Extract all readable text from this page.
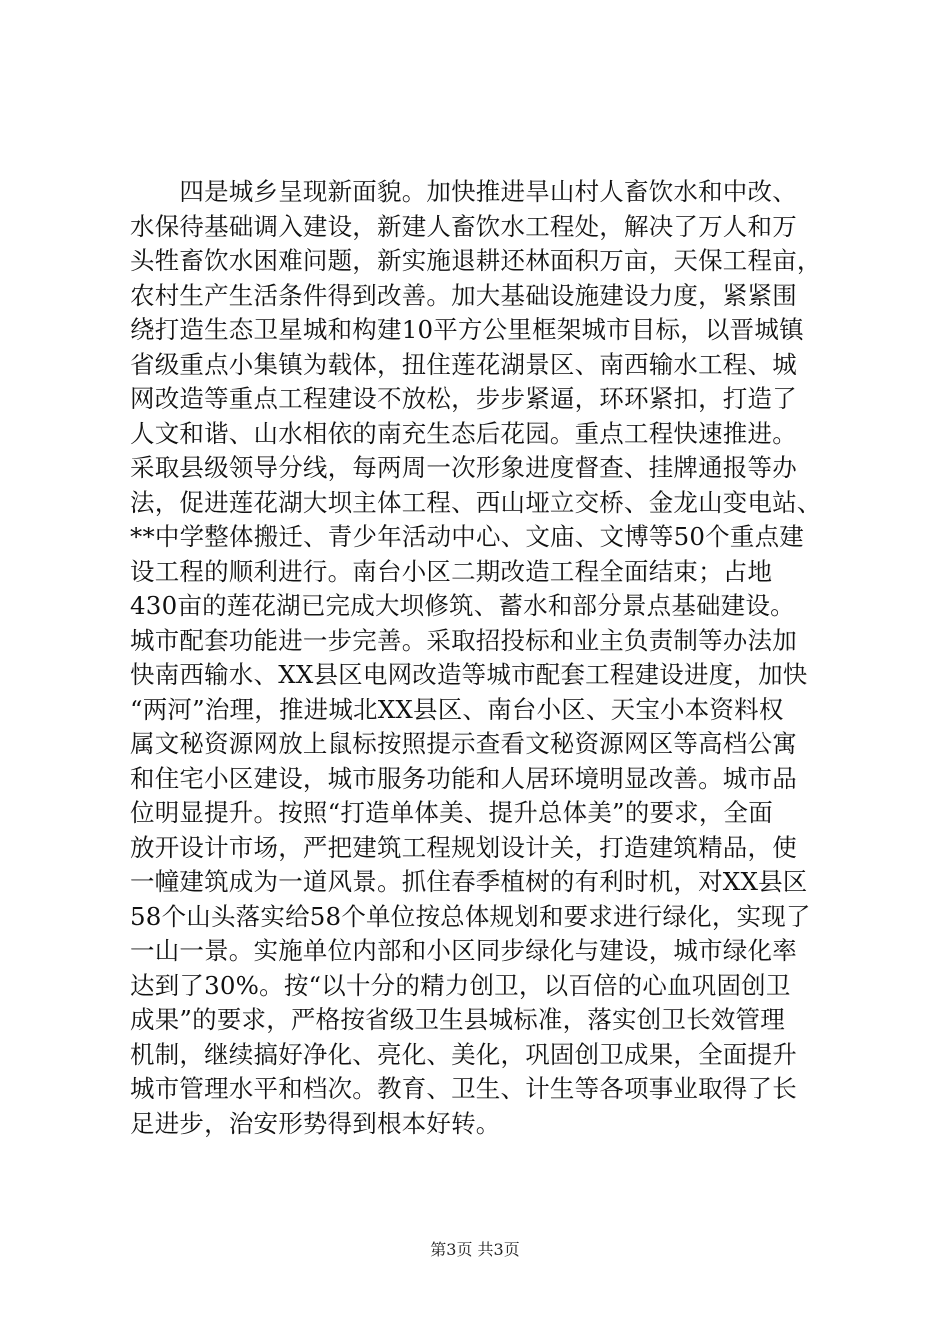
　　四是城乡呈现新面貌。加快推进旱山村人畜饮水和中改、
水保待基础调入建设，新建人畜饮水工程处，解决了万人和万
头牲畜饮水困难问题，新实施退耕还林面积万亩，天保工程亩，
农村生产生活条件得到改善。加大基础设施建设力度，紧紧围
绕打造生态卫星城和构建10平方公里框架城市目标，以晋城镇
省级重点小集镇为载体，扭住莲花湖景区、南西输水工程、城
网改造等重点工程建设不放松，步步紧逼，环环紧扣，打造了
人文和谐、山水相依的南充生态后花园。重点工程快速推进。
采取县级领导分线，每两周一次形象进度督查、挂牌通报等办
法，促进莲花湖大坝主体工程、西山垭立交桥、金龙山变电站、
**中学整体搬迁、青少年活动中心、文庙、文博等50个重点建
设工程的顺利进行。南台小区二期改造工程全面结束；占地
430亩的莲花湖已完成大坝修筑、蓄水和部分景点基础建设。
城市配套功能进一步完善。采取招投标和业主负责制等办法加
快南西输水、XX县区电网改造等城市配套工程建设进度，加快
“两河”治理，推进城北XX县区、南台小区、天宝小本资料权
属文秘资源网放上鼠标按照提示查看文秘资源网区等高档公寓
和住宅小区建设，城市服务功能和人居环境明显改善。城市品
位明显提升。按照“打造单体美、提升总体美”的要求，全面
放开设计市场，严把建筑工程规划设计关，打造建筑精品，使
一幢建筑成为一道风景。抓住春季植树的有利时机，对XX县区
58个山头落实给58个单位按总体规划和要求进行绿化，实现了
一山一景。实施单位内部和小区同步绿化与建设，城市绿化率
达到了30%。按“以十分的精力创卫，以百倍的心血巩固创卫
成果”的要求，严格按省级卫生县城标准，落实创卫长效管理
机制，继续搞好净化、亮化、美化，巩固创卫成果，全面提升
城市管理水平和档次。教育、卫生、计生等各项事业取得了长
足进步，治安形势得到根本好转。
第3页 共3页
